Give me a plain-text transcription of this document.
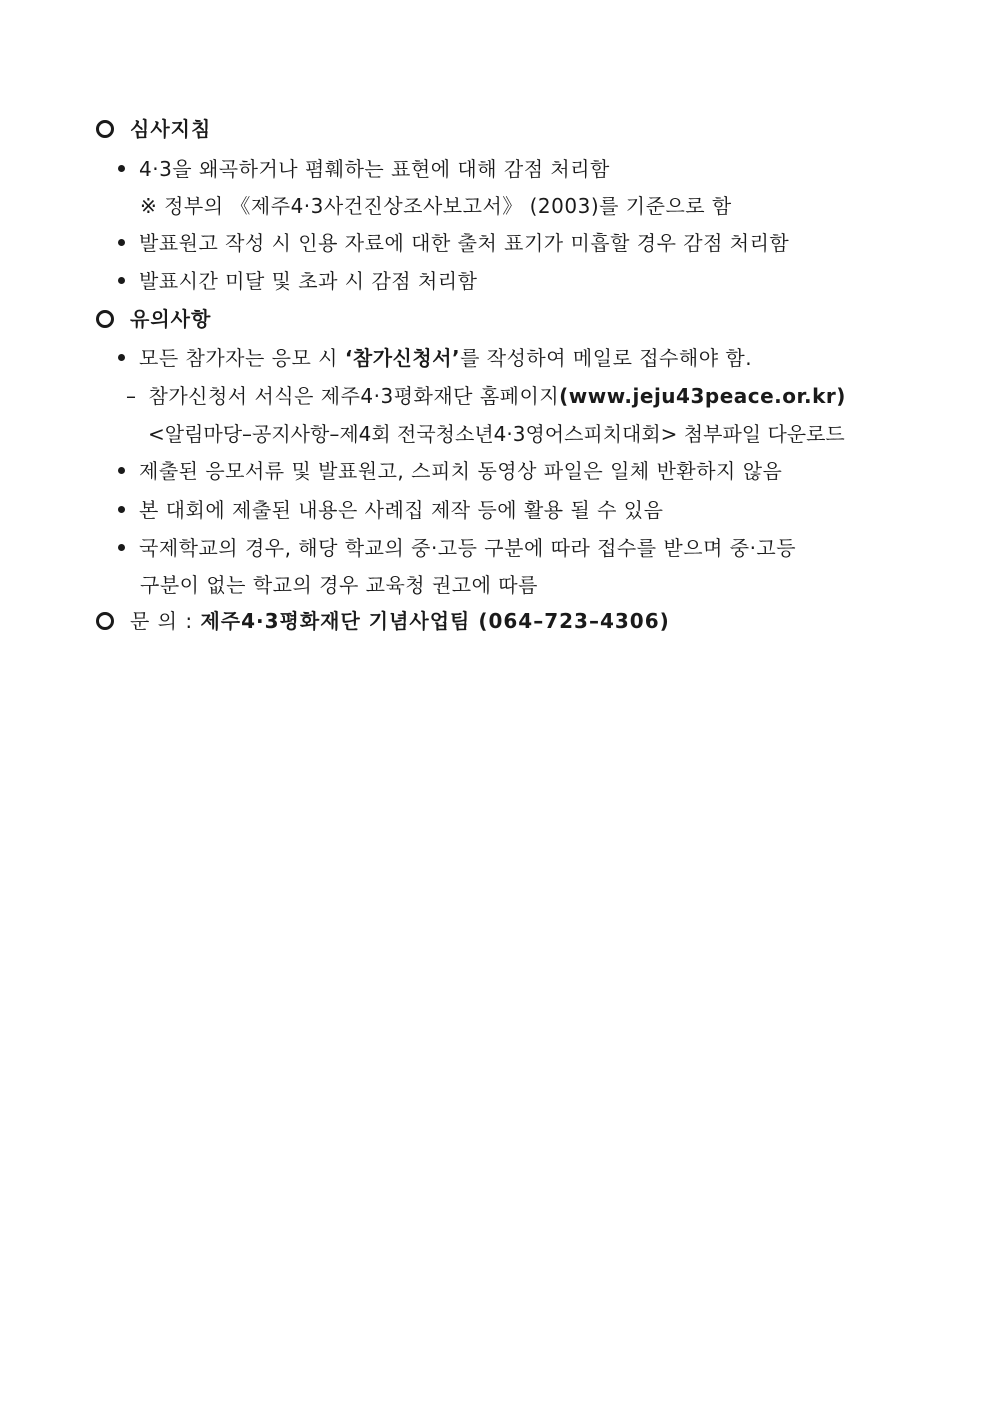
심사지침
4·3을 왜곡하거나 폄훼하는 표현에 대해 감점 처리함
※ 정부의 《제주4·3사건진상조사보고서》 (2003)를 기준으로 함
발표원고 작성 시 인용 자료에 대한 출처 표기가 미흡할 경우 감점 처리함
발표시간 미달 및 초과 시 감점 처리함
유의사항
모든 참가자는 응모 시 ‘참가신청서’를 작성하여 메일로 접수해야 함.
– 참가신청서 서식은 제주4·3평화재단 홈페이지(www.jeju43peace.or.kr)
<알림마당–공지사항–제4회 전국청소년4·3영어스피치대회> 첨부파일 다운로드
제출된 응모서류 및 발표원고, 스피치 동영상 파일은 일체 반환하지 않음
본 대회에 제출된 내용은 사례집 제작 등에 활용 될 수 있음
국제학교의 경우, 해당 학교의 중·고등 구분에 따라 접수를 받으며 중·고등
구분이 없는 학교의 경우 교육청 권고에 따름
문 의 : 제주4·3평화재단 기념사업팀 (064–723–4306)
